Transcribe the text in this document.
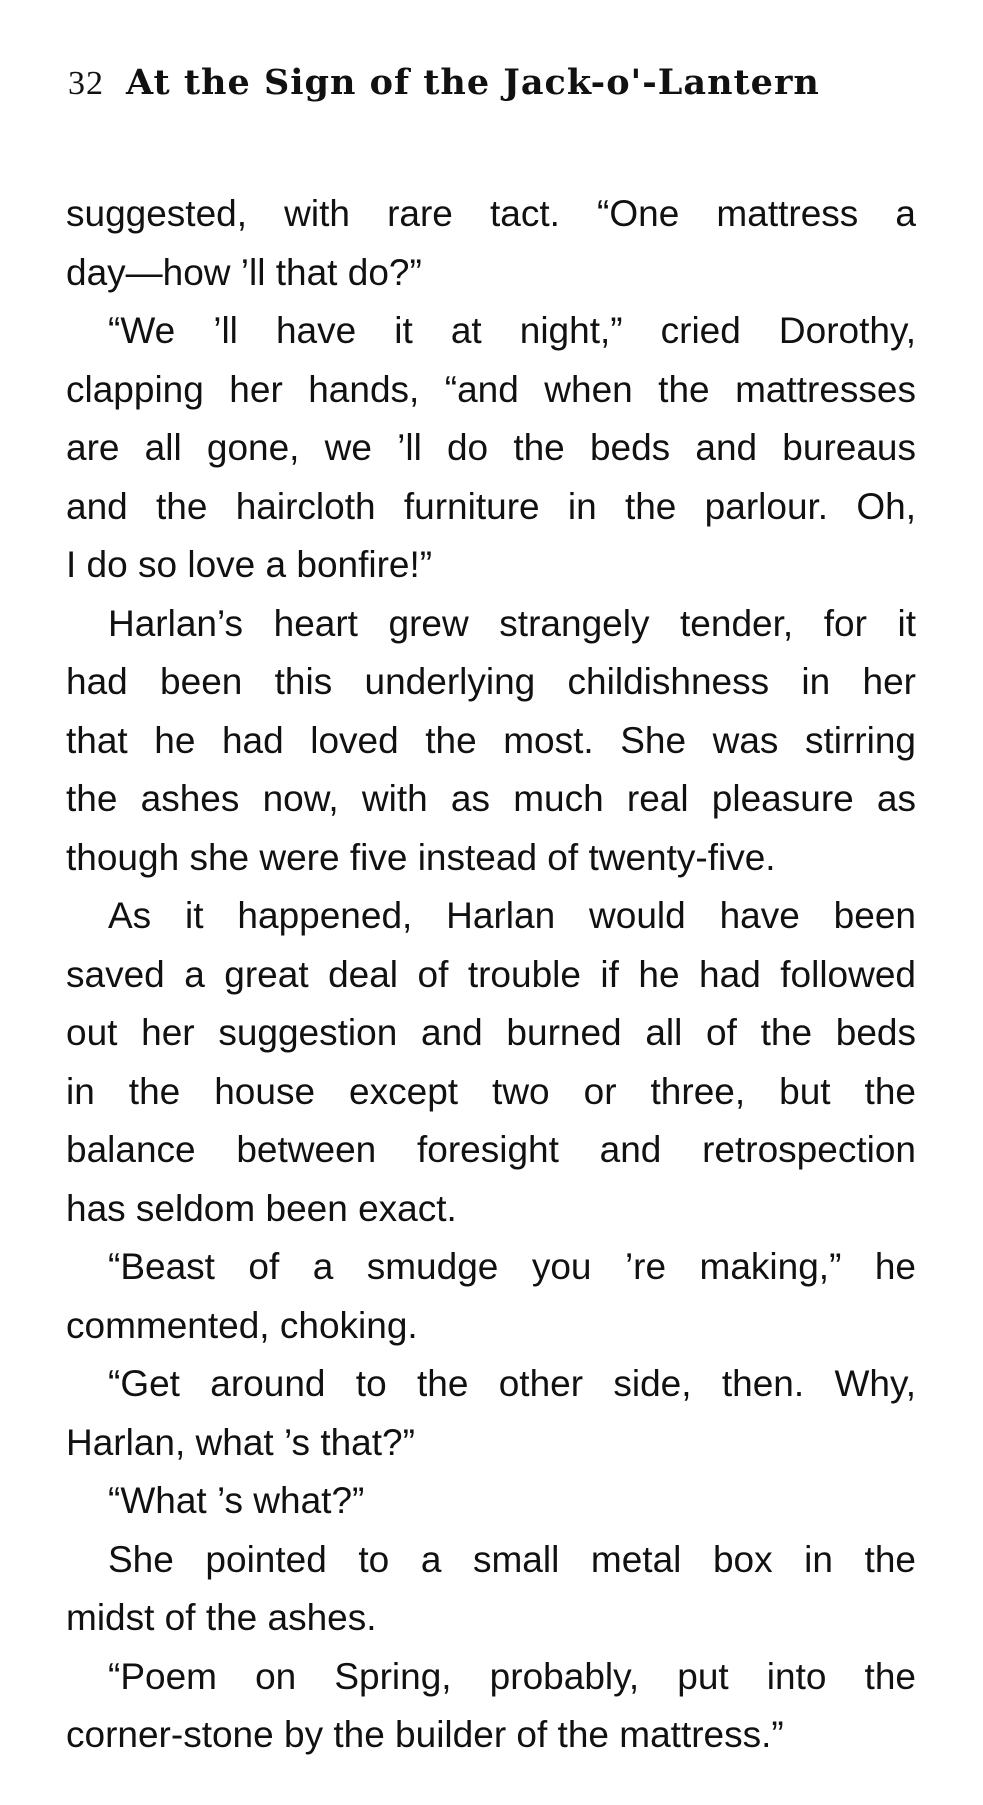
32 At the Sign of the Jack-o'-Lantern
suggested, with rare tact. “One mattress a
day—how ’ll that do?”
“We ’ll have it at night,” cried Dorothy,
clapping her hands, “and when the mattresses
are all gone, we ’ll do the beds and bureaus
and the haircloth furniture in the parlour. Oh,
I do so love a bonfire!”
Harlan’s heart grew strangely tender, for it
had been this underlying childishness in her
that he had loved the most. She was stirring
the ashes now, with as much real pleasure as
though she were five instead of twenty-five.
As it happened, Harlan would have been
saved a great deal of trouble if he had followed
out her suggestion and burned all of the beds
in the house except two or three, but the
balance between foresight and retrospection
has seldom been exact.
“Beast of a smudge you ’re making,” he
commented, choking.
“Get around to the other side, then. Why,
Harlan, what ’s that?”
“What ’s what?”
She pointed to a small metal box in the
midst of the ashes.
“Poem on Spring, probably, put into the
corner-stone by the builder of the mattress.”
